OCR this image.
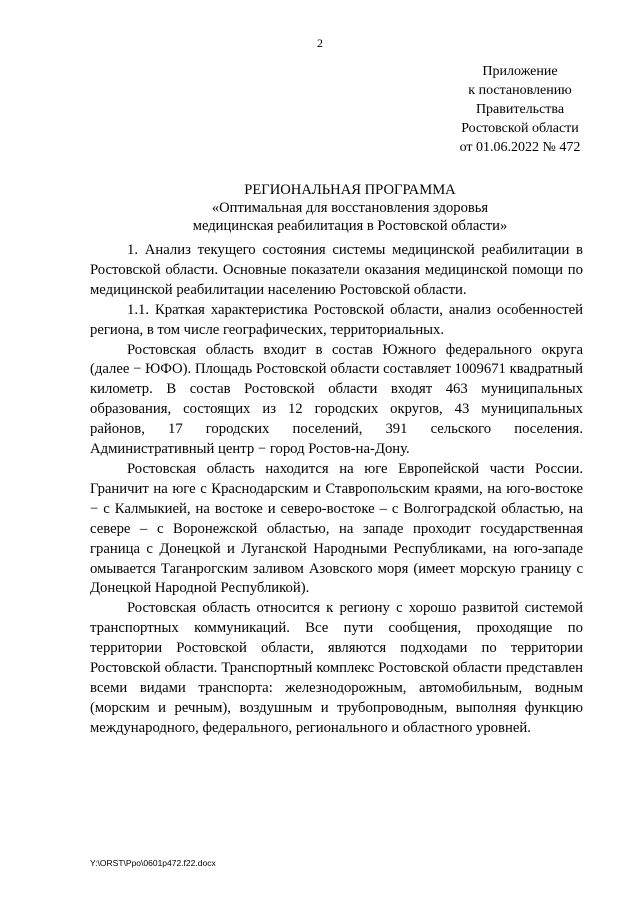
2
Приложение
к постановлению
Правительства
Ростовской области
от 01.06.2022 № 472
РЕГИОНАЛЬНАЯ ПРОГРАММА
«Оптимальная для восстановления здоровья
медицинская реабилитация в Ростовской области»

1. Анализ текущего состояния системы медицинской реабилитации в Ростовской области. Основные показатели оказания медицинской помощи по медицинской реабилитации населению Ростовской области.

1.1. Краткая характеристика Ростовской области, анализ особенностей региона, в том числе географических, территориальных.

Ростовская область входит в состав Южного федерального округа (далее − ЮФО). Площадь Ростовской области составляет 1009671 квадратный километр. В состав Ростовской области входят 463 муниципальных образования, состоящих из 12 городских округов, 43 муниципальных районов, 17 городских поселений, 391 сельского поселения. Административный центр − город Ростов-на-Дону.

Ростовская область находится на юге Европейской части России. Граничит на юге с Краснодарским и Ставропольским краями, на юго-востоке − с Калмыкией, на востоке и северо-востоке – с Волгоградской областью, на севере – с Воронежской областью, на западе проходит государственная граница с Донецкой и Луганской Народными Республиками, на юго-западе омывается Таганрогским заливом Азовского моря (имеет морскую границу с Донецкой Народной Республикой).

Ростовская область относится к региону с хорошо развитой системой транспортных коммуникаций. Все пути сообщения, проходящие по территории Ростовской области, являются подходами по территории Ростовской области. Транспортный комплекс Ростовской области представлен всеми видами транспорта: железнодорожным, автомобильным, водным (морским и речным), воздушным и трубопроводным, выполняя функцию международного, федерального, регионального и областного уровней.

Y:\ORST\Ppo\0601p472.f22.docx
